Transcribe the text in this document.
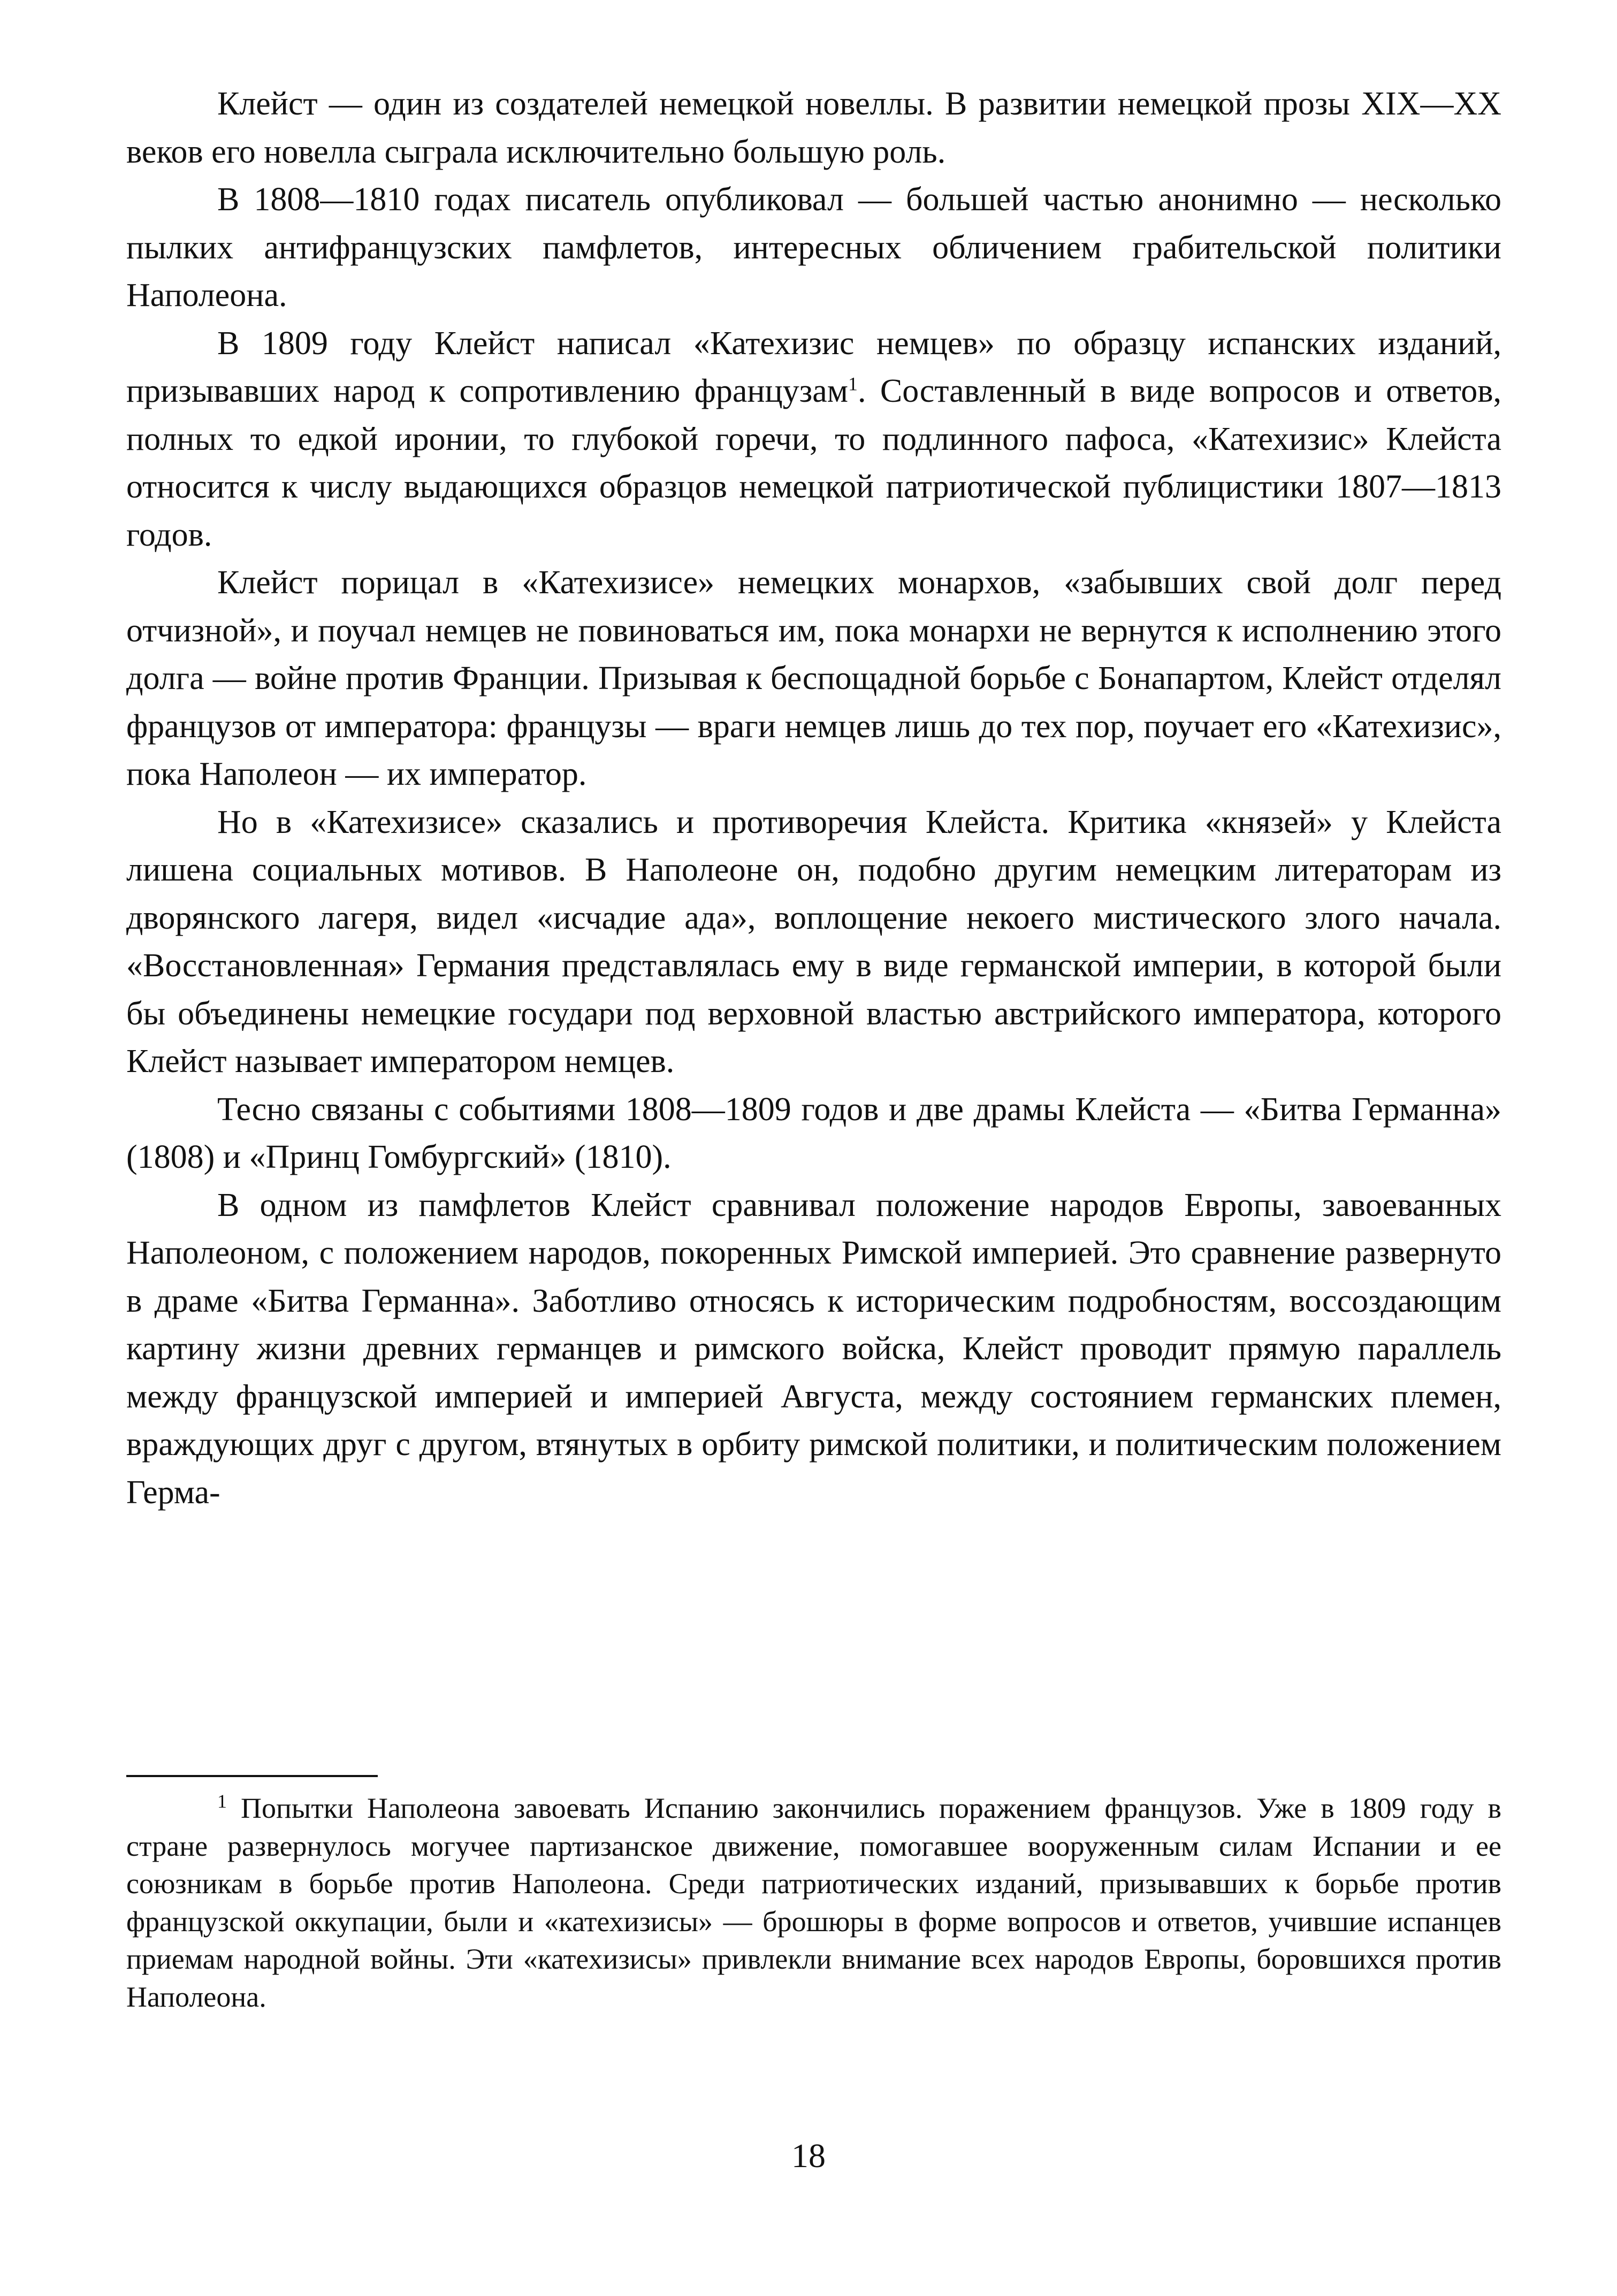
Клейст — один из создателей немецкой новеллы. В развитии немецкой прозы XIX—XX веков его новелла сыграла исключительно большую роль.

В 1808—1810 годах писатель опубликовал — большей частью анонимно — несколько пылких антифранцузских памфлетов, интересных обличением грабительской политики Наполеона.

В 1809 году Клейст написал «Катехизис немцев» по образцу испанских изданий, призывавших народ к сопротивлению французам$^1$. Составленный в виде вопросов и ответов, полных то едкой иронии, то глубокой горечи, то подлинного пафоса, «Катехизис» Клейста относится к числу выдающихся образцов немецкой патриотической публицистики 1807—1813 годов.

Клейст порицал в «Катехизисе» немецких монархов, «забывших свой долг перед отчизной», и поучал немцев не повиноваться им, пока монархи не вернутся к исполнению этого долга — войне против Франции. Призывая к беспощадной борьбе с Бонапартом, Клейст отделял французов от императора: французы — враги немцев лишь до тех пор, поучает его «Катехизис», пока Наполеон — их император.

Но в «Катехизисе» сказались и противоречия Клейста. Критика «князей» у Клейста лишена социальных мотивов. В Наполеоне он, подобно другим немецким литераторам из дворянского лагеря, видел «исчадие ада», воплощение некоего мистического злого начала. «Восстановленная» Германия представлялась ему в виде германской империи, в которой были бы объединены немецкие государи под верховной властью австрийского императора, которого Клейст называет императором немцев.

Тесно связаны с событиями 1808—1809 годов и две драмы Клейста — «Битва Германна» (1808) и «Принц Гомбургский» (1810).

В одном из памфлетов Клейст сравнивал положение народов Европы, завоеванных Наполеоном, с положением народов, покоренных Римской империей. Это сравнение развернуто в драме «Битва Германна». Заботливо относясь к историческим подробностям, воссоздающим картину жизни древних германцев и римского войска, Клейст проводит прямую параллель между французской империей и империей Августа, между состоянием германских племен, враждующих друг с другом, втянутых в орбиту римской политики, и политическим положением Герма-

$^1$ Попытки Наполеона завоевать Испанию закончились поражением французов. Уже в 1809 году в стране развернулось могучее партизанское движение, помогавшее вооруженным силам Испании и ее союзникам в борьбе против Наполеона. Среди патриотических изданий, призывавших к борьбе против французской оккупации, были и «катехизисы» — брошюры в форме вопросов и ответов, учившие испанцев приемам народной войны. Эти «катехизисы» привлекли внимание всех народов Европы, боровшихся против Наполеона.

18
